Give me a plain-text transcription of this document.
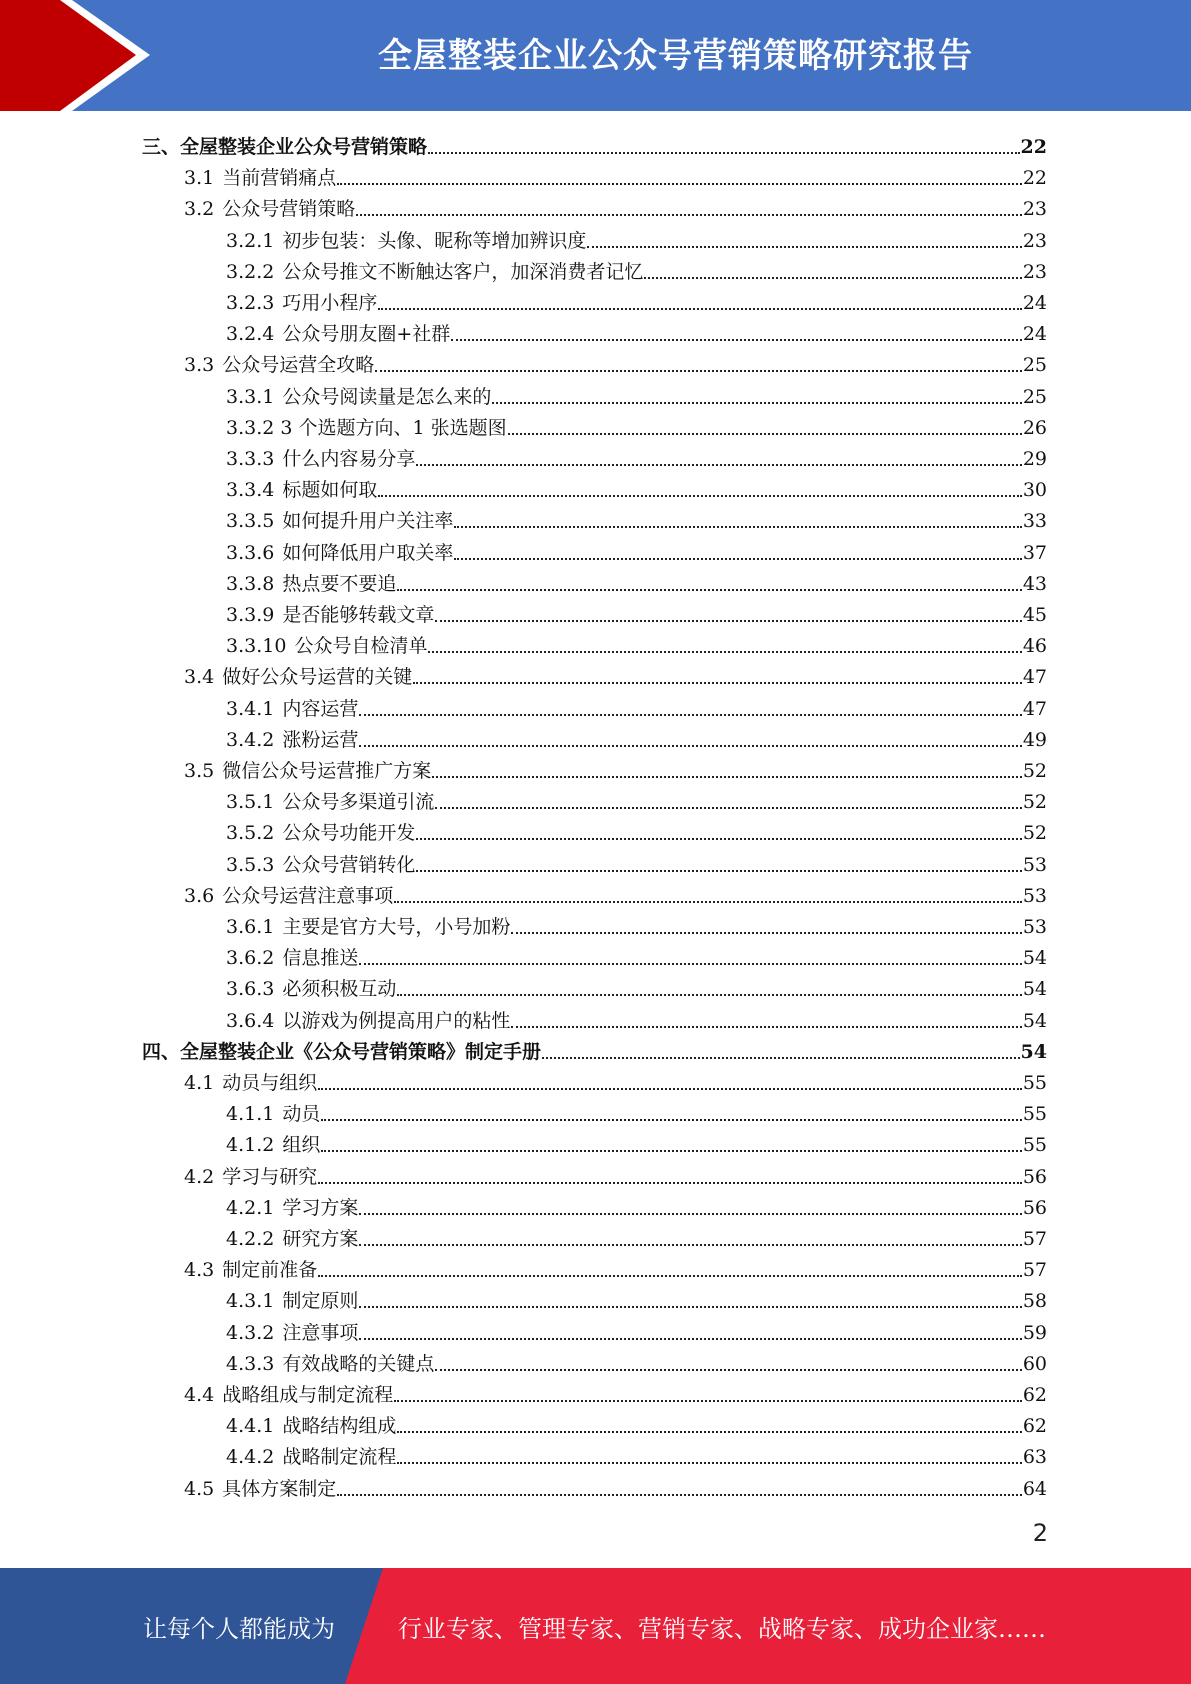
全屋整装企业公众号营销策略研究报告
三、全屋整装企业公众号营销策略	22
3.1 当前营销痛点	22
3.2 公众号营销策略	23
3.2.1 初步包装：头像、昵称等增加辨识度	23
3.2.2 公众号推文不断触达客户，加深消费者记忆	23
3.2.3 巧用小程序	24
3.2.4 公众号朋友圈+社群	24
3.3 公众号运营全攻略	25
3.3.1 公众号阅读量是怎么来的	25
3.3.2 3 个选题方向、1 张选题图	26
3.3.3 什么内容易分享	29
3.3.4 标题如何取	30
3.3.5 如何提升用户关注率	33
3.3.6 如何降低用户取关率	37
3.3.8 热点要不要追	43
3.3.9 是否能够转载文章	45
3.3.10 公众号自检清单	46
3.4 做好公众号运营的关键	47
3.4.1 内容运营	47
3.4.2 涨粉运营	49
3.5 微信公众号运营推广方案	52
3.5.1 公众号多渠道引流	52
3.5.2 公众号功能开发	52
3.5.3 公众号营销转化	53
3.6 公众号运营注意事项	53
3.6.1 主要是官方大号，小号加粉	53
3.6.2 信息推送	54
3.6.3 必须积极互动	54
3.6.4 以游戏为例提高用户的粘性	54
四、全屋整装企业《公众号营销策略》制定手册	54
4.1 动员与组织	55
4.1.1 动员	55
4.1.2 组织	55
4.2 学习与研究	56
4.2.1 学习方案	56
4.2.2 研究方案	57
4.3 制定前准备	57
4.3.1 制定原则	58
4.3.2 注意事项	59
4.3.3 有效战略的关键点	60
4.4 战略组成与制定流程	62
4.4.1 战略结构组成	62
4.4.2 战略制定流程	63
4.5 具体方案制定	64
2
让每个人都能成为	行业专家、管理专家、营销专家、战略专家、成功企业家……
